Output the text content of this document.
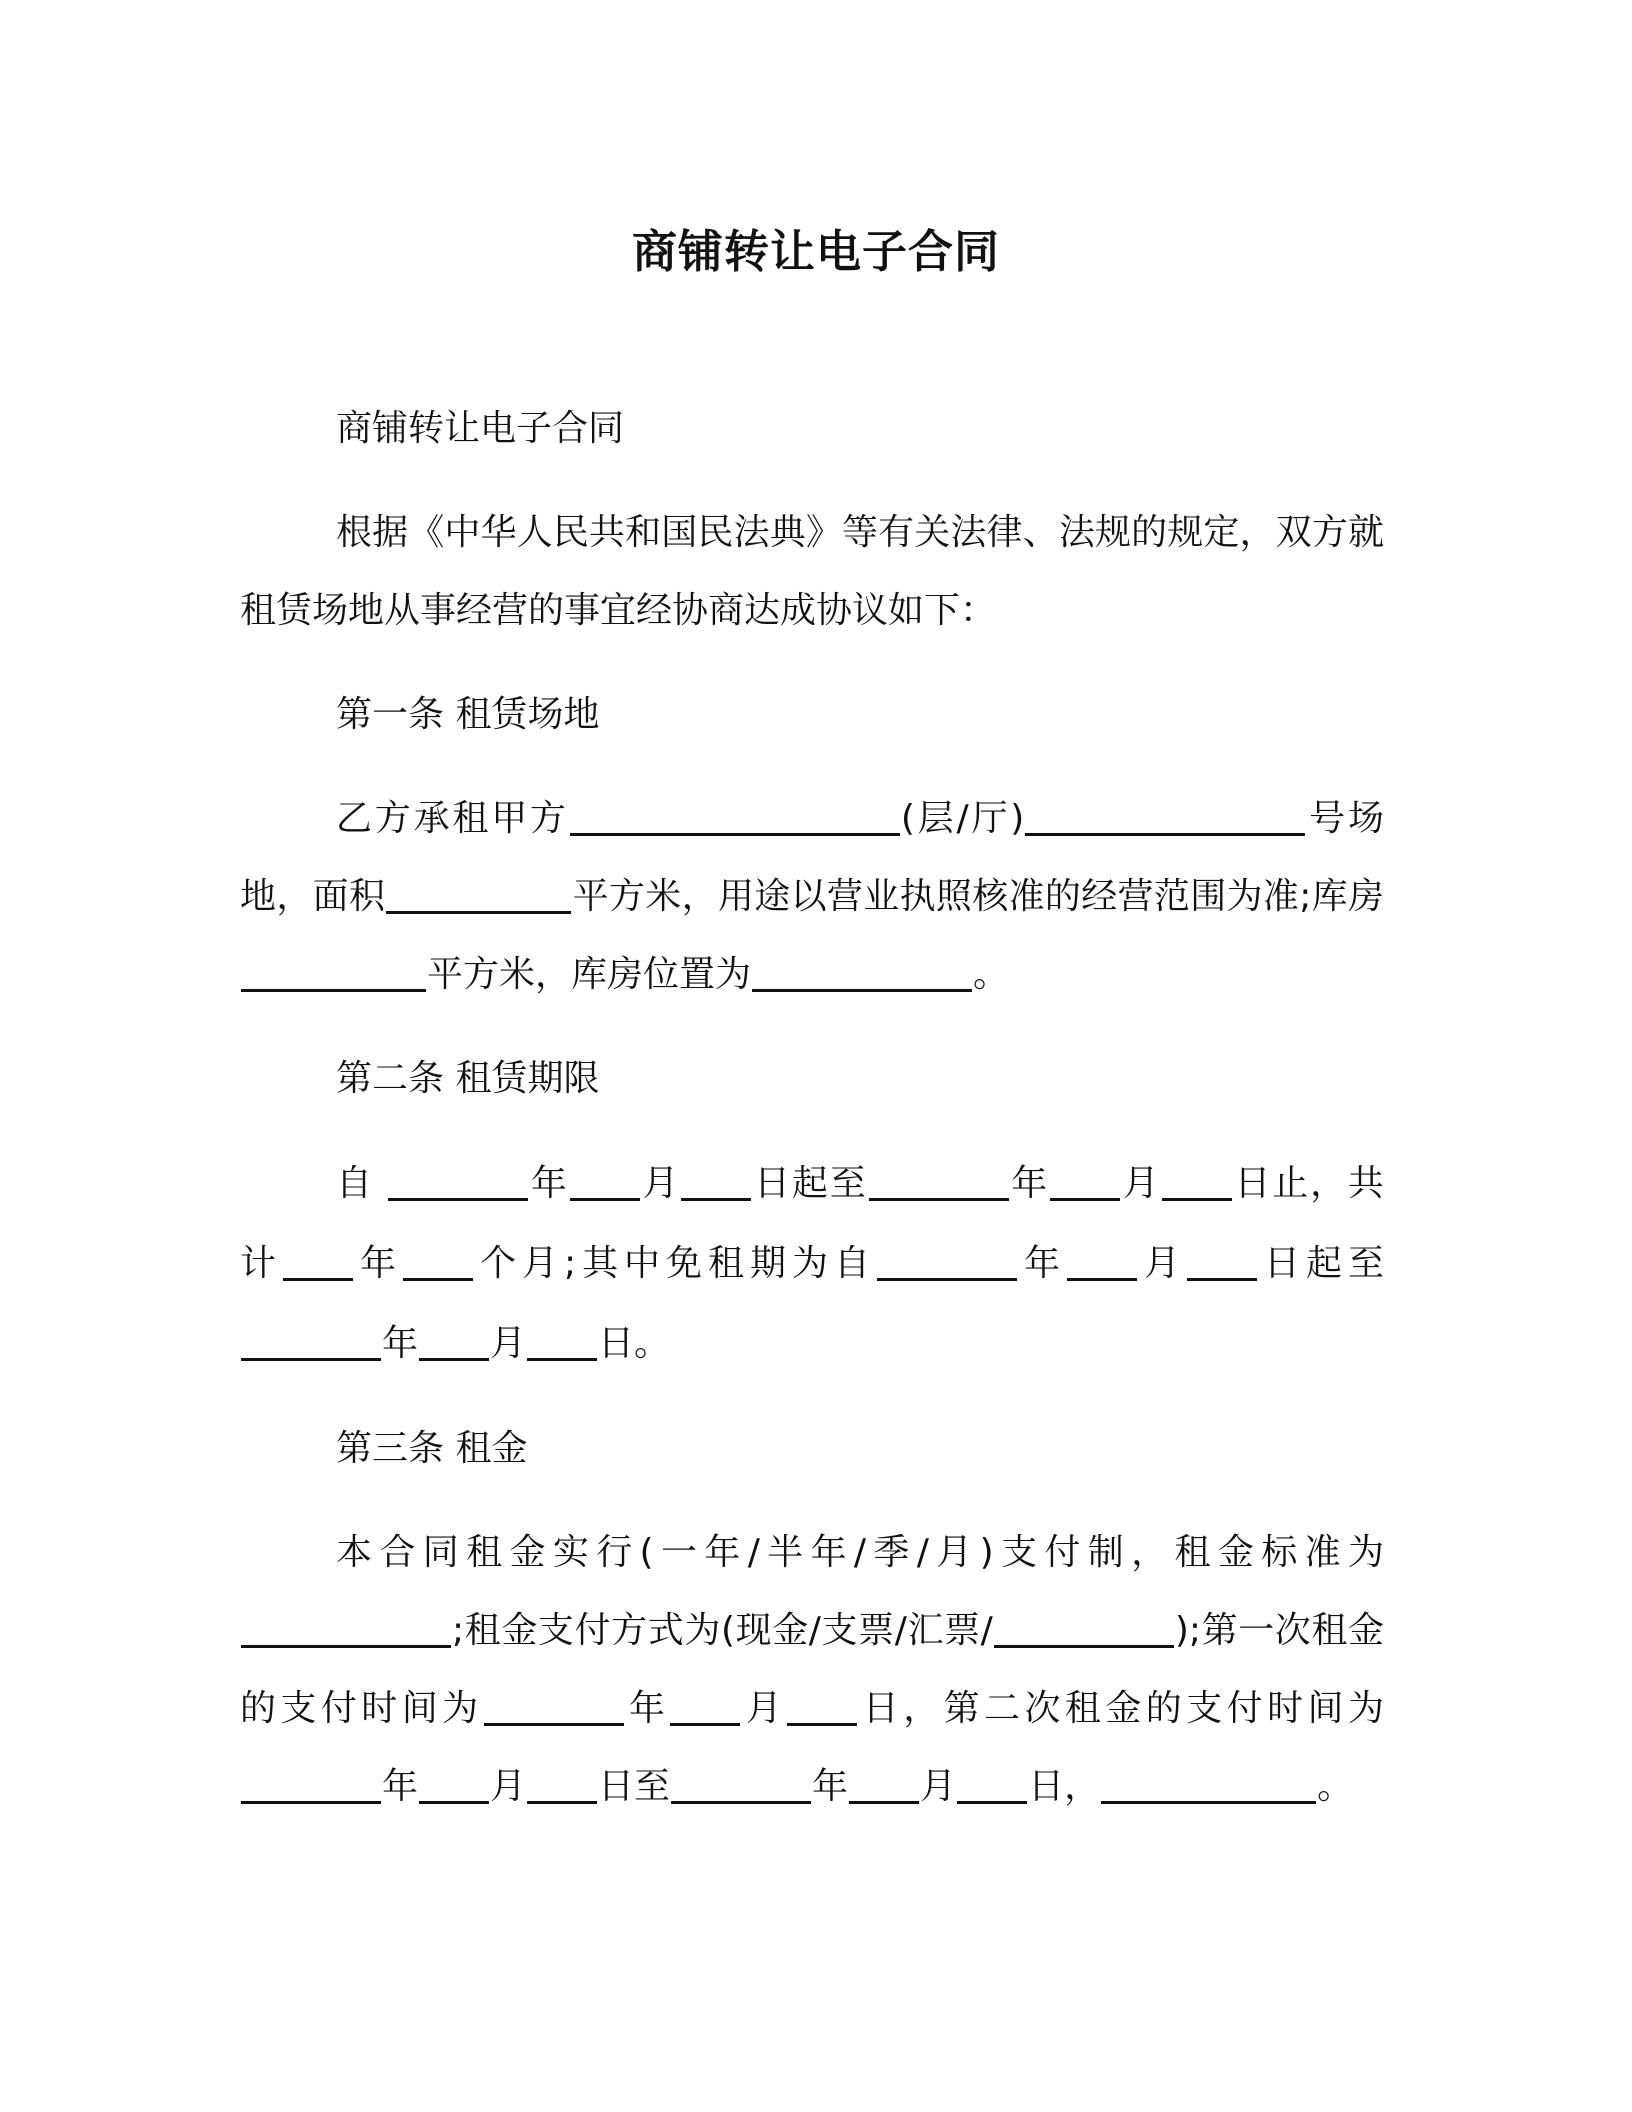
商铺转让电子合同

商铺转让电子合同

根据《中华人民共和国民法典》等有关法律、法规的规定，双方就租赁场地从事经营的事宜经协商达成协议如下：

第一条 租赁场地

乙方承租甲方	(层/厅)	号场地，面积	平方米，用途以营业执照核准的经营范围为准;库房平方米，库房位置为	。

第二条 租赁期限

自	年 月 日起至	年 月 日止，共计 年 个月;其中免租期为自	年 月 日起至年 月 日。

第三条 租金

本合同租金实行(一年/半年/季/月)支付制，租金标准为;租金支付方式为(现金/支票/汇票/	);第一次租金的支付时间为	年 月 日，第二次租金的支付时间为年 月 日至	年 月 日，	。
